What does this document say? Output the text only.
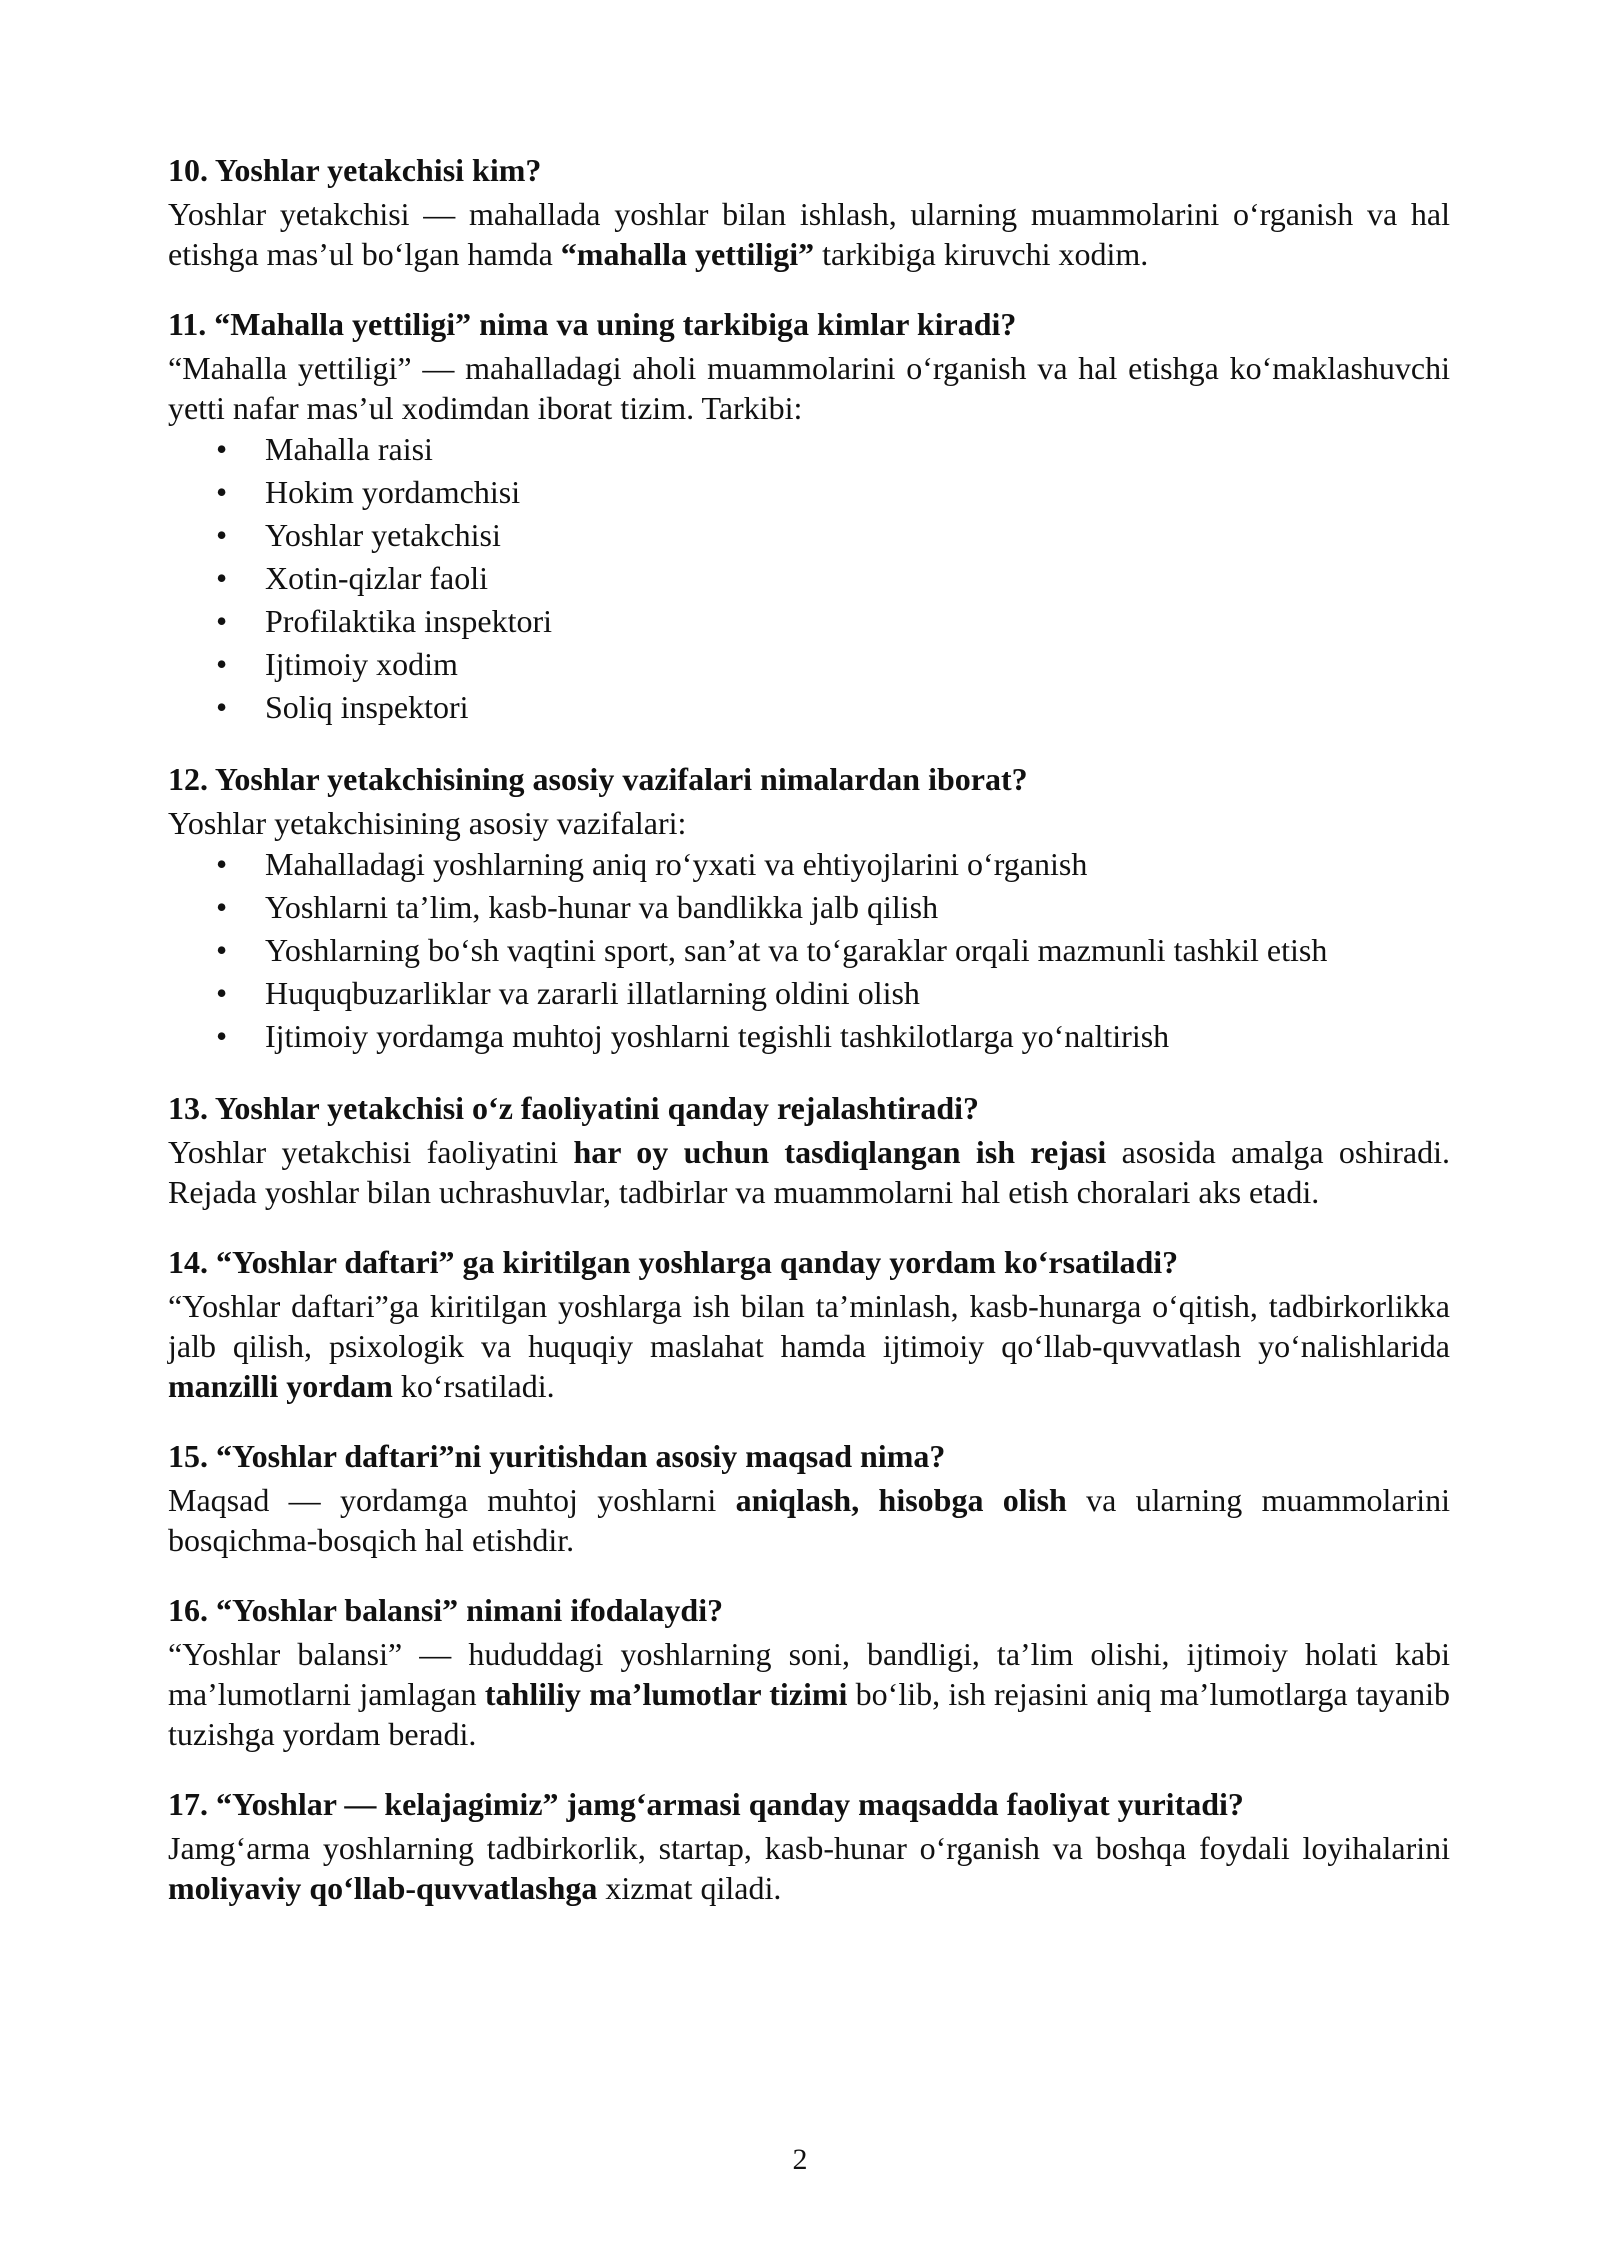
10. Yoshlar yetakchisi kim?

Yoshlar yetakchisi — mahallada yoshlar bilan ishlash, ularning muammolarini oʻrganish va hal etishga masʼul boʻlgan hamda “mahalla yettiligi” tarkibiga kiruvchi xodim.

11. “Mahalla yettiligi” nima va uning tarkibiga kimlar kiradi?

“Mahalla yettiligi” — mahalladagi aholi muammolarini oʻrganish va hal etishga koʻmaklashuvchi yetti nafar masʼul xodimdan iborat tizim. Tarkibi:

• Mahalla raisi
• Hokim yordamchisi
• Yoshlar yetakchisi
• Xotin-qizlar faoli
• Profilaktika inspektori
• Ijtimoiy xodim
• Soliq inspektori
12. Yoshlar yetakchisining asosiy vazifalari nimalardan iborat?

Yoshlar yetakchisining asosiy vazifalari:

• Mahalladagi yoshlarning aniq roʻyxati va ehtiyojlarini oʻrganish
• Yoshlarni taʼlim, kasb-hunar va bandlikka jalb qilish
• Yoshlarning boʻsh vaqtini sport, sanʼat va toʻgaraklar orqali mazmunli tashkil etish
• Huquqbuzarliklar va zararli illatlarning oldini olish
• Ijtimoiy yordamga muhtoj yoshlarni tegishli tashkilotlarga yoʻnaltirish
13. Yoshlar yetakchisi oʻz faoliyatini qanday rejalashtiradi?

Yoshlar yetakchisi faoliyatini har oy uchun tasdiqlangan ish rejasi asosida amalga oshiradi. Rejada yoshlar bilan uchrashuvlar, tadbirlar va muammolarni hal etish choralari aks etadi.

14. “Yoshlar daftari” ga kiritilgan yoshlarga qanday yordam koʻrsatiladi?

“Yoshlar daftari”ga kiritilgan yoshlarga ish bilan taʼminlash, kasb-hunarga oʻqitish, tadbirkorlikka jalb qilish, psixologik va huquqiy maslahat hamda ijtimoiy qoʻllab-quvvatlash yoʻnalishlarida manzilli yordam koʻrsatiladi.

15. “Yoshlar daftari”ni yuritishdan asosiy maqsad nima?

Maqsad — yordamga muhtoj yoshlarni aniqlash, hisobga olish va ularning muammolarini bosqichma-bosqich hal etishdir.

16. “Yoshlar balansi” nimani ifodalaydi?

“Yoshlar balansi” — hududdagi yoshlarning soni, bandligi, taʼlim olishi, ijtimoiy holati kabi maʼlumotlarni jamlagan tahliliy maʼlumotlar tizimi boʻlib, ish rejasini aniq maʼlumotlarga tayanib tuzishga yordam beradi.

17. “Yoshlar — kelajagimiz” jamgʻarmasi qanday maqsadda faoliyat yuritadi?

Jamgʻarma yoshlarning tadbirkorlik, startap, kasb-hunar oʻrganish va boshqa foydali loyihalarini moliyaviy qoʻllab-quvvatlashga xizmat qiladi.

2
